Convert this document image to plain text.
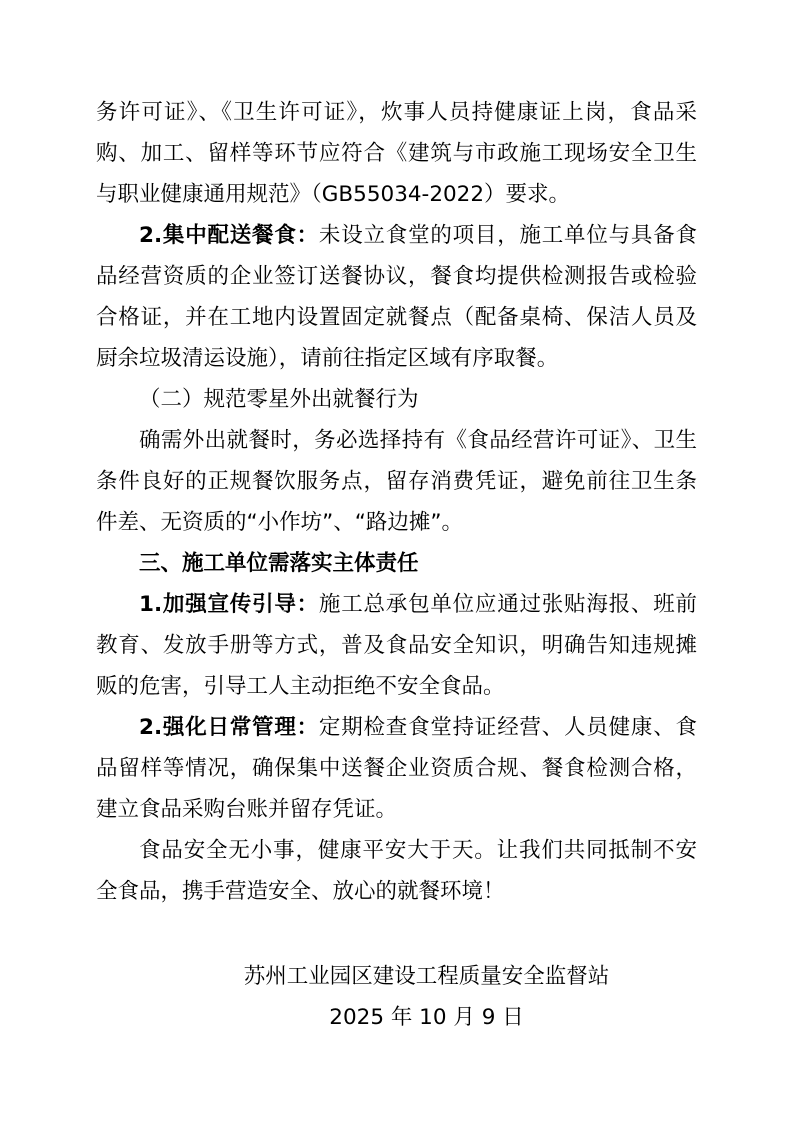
务许可证》、《卫生许可证》，炊事人员持健康证上岗，食品采购、加工、留样等环节应符合《建筑与市政施工现场安全卫生与职业健康通用规范》（GB55034-2022）要求。

2.集中配送餐食：未设立食堂的项目，施工单位与具备食品经营资质的企业签订送餐协议，餐食均提供检测报告或检验合格证，并在工地内设置固定就餐点（配备桌椅、保洁人员及厨余垃圾清运设施），请前往指定区域有序取餐。

（二）规范零星外出就餐行为

确需外出就餐时，务必选择持有《食品经营许可证》、卫生条件良好的正规餐饮服务点，留存消费凭证，避免前往卫生条件差、无资质的“小作坊”、“路边摊”。

三、施工单位需落实主体责任

1.加强宣传引导：施工总承包单位应通过张贴海报、班前教育、发放手册等方式，普及食品安全知识，明确告知违规摊贩的危害，引导工人主动拒绝不安全食品。

2.强化日常管理：定期检查食堂持证经营、人员健康、食品留样等情况，确保集中送餐企业资质合规、餐食检测合格，建立食品采购台账并留存凭证。

食品安全无小事，健康平安大于天。让我们共同抵制不安全食品，携手营造安全、放心的就餐环境！

苏州工业园区建设工程质量安全监督站

2025 年 10 月 9 日
